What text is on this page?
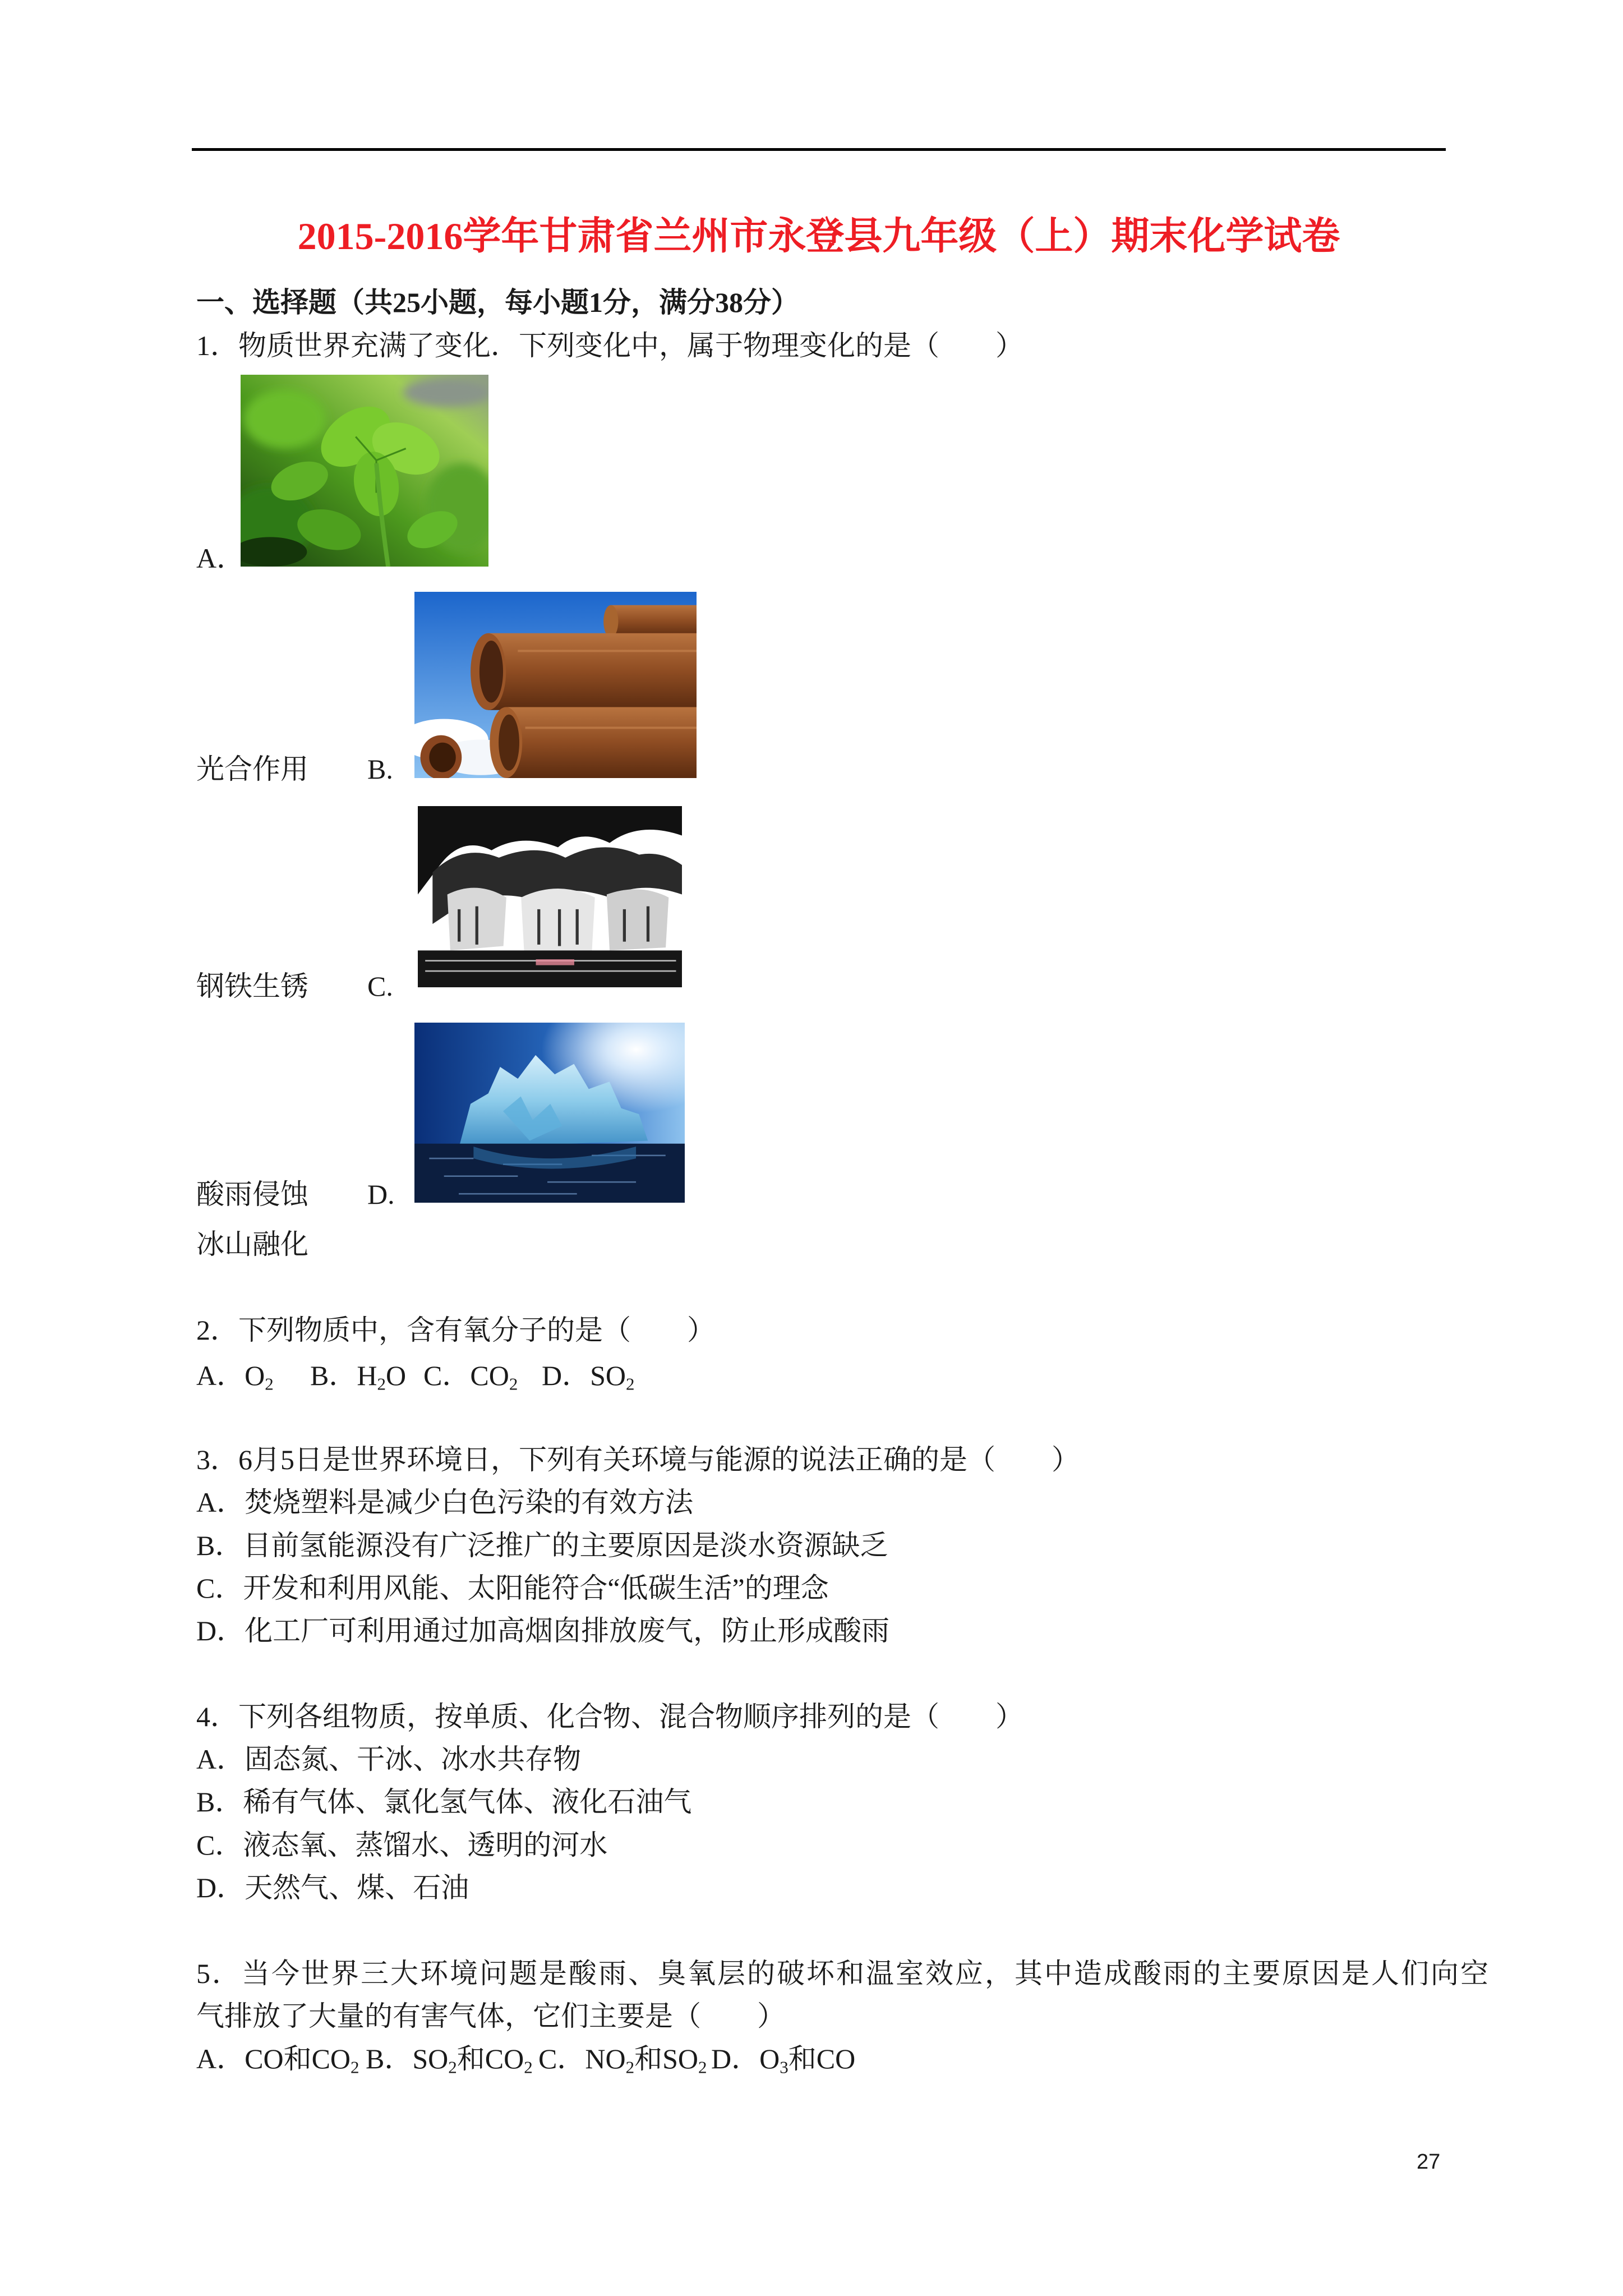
2015-2016学年甘肃省兰州市永登县九年级（上）期末化学试卷
一、选择题（共25小题，每小题1分，满分38分）
1．物质世界充满了变化．下列变化中，属于物理变化的是（　　）
A．
光合作用 B.
钢铁生锈 C.
酸雨侵蚀 D.
冰山融化
2．下列物质中，含有氧分子的是（　　）
A．$O_2$ B．$H_2O$ C．$CO_2$ D．$SO_2$
3．6月5日是世界环境日，下列有关环境与能源的说法正确的是（　　）
A．焚烧塑料是减少白色污染的有效方法
B．目前氢能源没有广泛推广的主要原因是淡水资源缺乏
C．开发和利用风能、太阳能符合“低碳生活”的理念
D．化工厂可利用通过加高烟囱排放废气，防止形成酸雨
4．下列各组物质，按单质、化合物、混合物顺序排列的是（　　）
A．固态氮、干冰、冰水共存物
B．稀有气体、氯化氢气体、液化石油气
C．液态氧、蒸馏水、透明的河水
D．天然气、煤、石油
5．当今世界三大环境问题是酸雨、臭氧层的破坏和温室效应，其中造成酸雨的主要原因是人们向空
气排放了大量的有害气体，它们主要是（　　）
A．CO和$CO_2$ B．$SO_2$和$CO_2$ C．$NO_2$和$SO_2$ D．$O_3$和CO
27
